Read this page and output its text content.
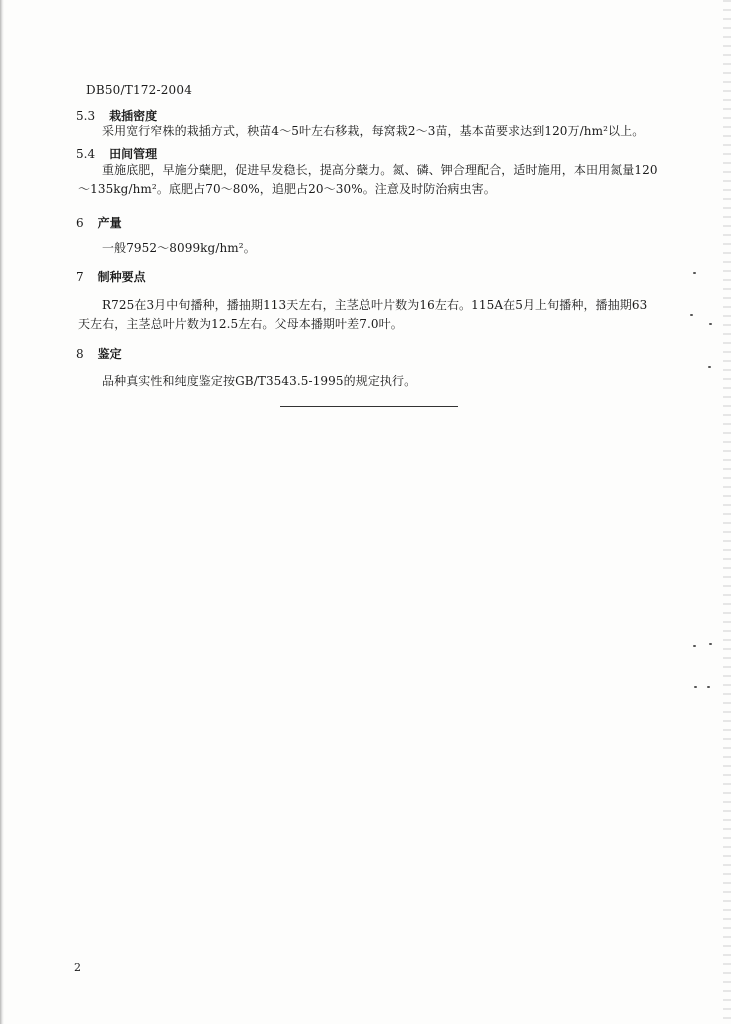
DB50/T172-2004
5.3 栽插密度
采用宽行窄株的栽插方式，秧苗4～5叶左右移栽，每窝栽2～3苗，基本苗要求达到120万/hm²以上。
5.4 田间管理
重施底肥，早施分蘖肥，促进早发稳长，提高分蘖力。氮、磷、钾合理配合，适时施用，本田用氮量120～135kg/hm²。底肥占70～80%，追肥占20～30%。注意及时防治病虫害。
6 产量
一般7952～8099kg/hm²。
7 制种要点
R725在3月中旬播种，播抽期113天左右，主茎总叶片数为16左右。115A在5月上旬播种，播抽期63天左右，主茎总叶片数为12.5左右。父母本播期叶差7.0叶。
8 鉴定
品种真实性和纯度鉴定按GB/T3543.5-1995的规定执行。
2
